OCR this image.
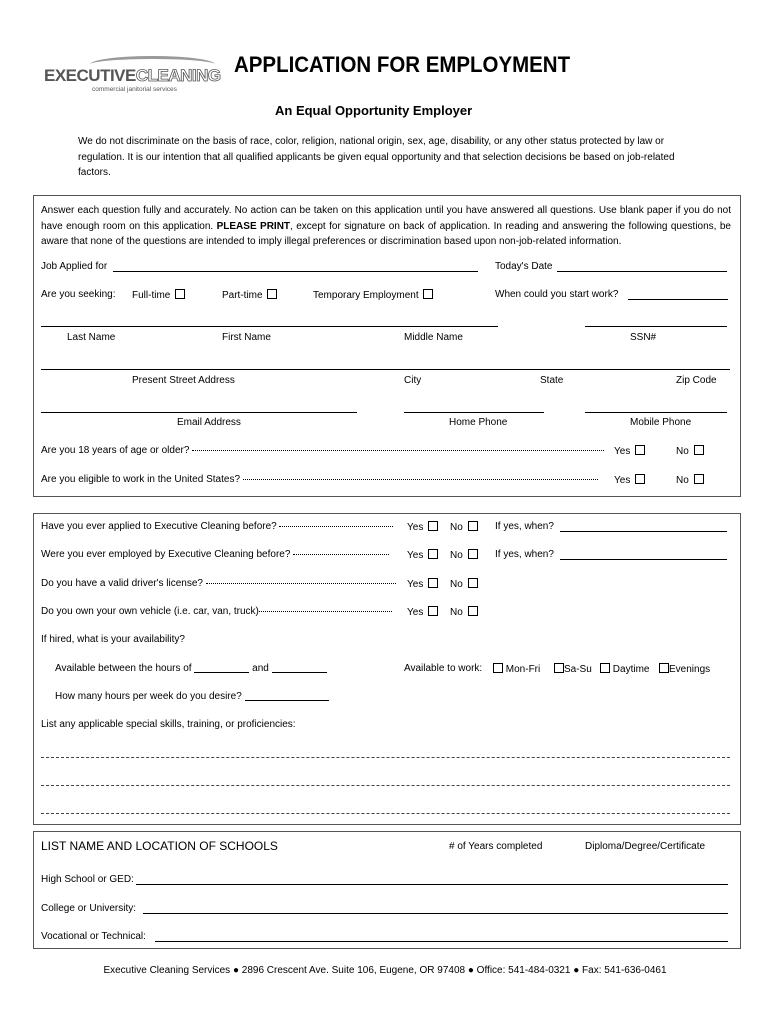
EXECUTIVECLEANING
commercial janitorial services
APPLICATION FOR EMPLOYMENT
An Equal Opportunity Employer
We do not discriminate on the basis of race, color, religion, national origin, sex, age, disability, or any other status protected by law or regulation. It is our intention that all qualified applicants be given equal opportunity and that selection decisions be based on job-related factors.
Answer each question fully and accurately. No action can be taken on this application until you have answered all questions. Use blank paper if you do not have enough room on this application. PLEASE PRINT, except for signature on back of application. In reading and answering the following questions, be aware that none of the questions are intended to imply illegal preferences or discrimination based upon non-job-related information.
Job Applied for	Today's Date
Are you seeking: Full-time	Part-time	Temporary Employment	When could you start work?
Last Name	First Name	Middle Name	SSN#
Present Street Address	City	State	Zip Code
Email Address	Home Phone	Mobile Phone
Are you 18 years of age or older?	Yes	No
Are you eligible to work in the United States?	Yes	No
Have you ever applied to Executive Cleaning before?	Yes	No	If yes, when?
Were you ever employed by Executive Cleaning before?	Yes	No	If yes, when?
Do you have a valid driver's license?	Yes	No
Do you own your own vehicle (i.e. car, van, truck)	Yes	No
If hired, what is your availability?
Available between the hours of	and	Available to work:	Mon-Fri	Sa-Su	Daytime	Evenings
How many hours per week do you desire?
List any applicable special skills, training, or proficiencies:
LIST NAME AND LOCATION OF SCHOOLS	# of Years completed	Diploma/Degree/Certificate
High School or GED:
College or University:
Vocational or Technical:
Executive Cleaning Services ● 2896 Crescent Ave. Suite 106, Eugene, OR 97408 ● Office: 541-484-0321 ● Fax: 541-636-0461
